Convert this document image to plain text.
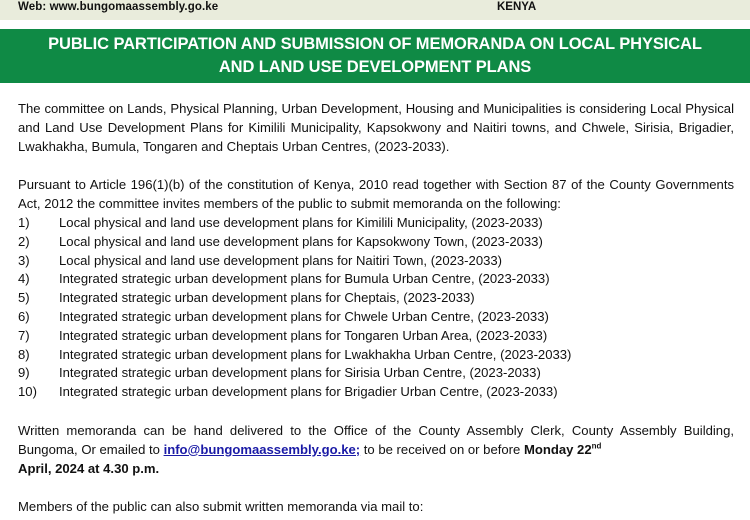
Web: www.bungomaassembly.go.ke	KENYA
PUBLIC PARTICIPATION AND SUBMISSION OF MEMORANDA ON LOCAL PHYSICAL
AND LAND USE DEVELOPMENT PLANS

The committee on Lands, Physical Planning, Urban Development, Housing and Municipalities is considering Local Physical and Land Use Development Plans for Kimilili Municipality, Kapsokwony and Naitiri towns, and Chwele, Sirisia, Brigadier, Lwakhakha, Bumula, Tongaren and Cheptais Urban Centres, (2023-2033).

Pursuant to Article 196(1)(b) of the constitution of Kenya, 2010 read together with Section 87 of the County Governments Act, 2012 the committee invites members of the public to submit memoranda on the following:

1)	Local physical and land use development plans for Kimilili Municipality, (2023-2033)
2)	Local physical and land use development plans for Kapsokwony Town, (2023-2033)
3)	Local physical and land use development plans for Naitiri Town, (2023-2033)
4)	Integrated strategic urban development plans for Bumula Urban Centre, (2023-2033)
5)	Integrated strategic urban development plans for Cheptais, (2023-2033)
6)	Integrated strategic urban development plans for Chwele Urban Centre, (2023-2033)
7)	Integrated strategic urban development plans for Tongaren Urban Area, (2023-2033)
8)	Integrated strategic urban development plans for Lwakhakha Urban Centre, (2023-2033)
9)	Integrated strategic urban development plans for Sirisia Urban Centre, (2023-2033)
10)	Integrated strategic urban development plans for Brigadier Urban Centre, (2023-2033)

Written memoranda can be hand delivered to the Office of the County Assembly Clerk, County Assembly Building, Bungoma, Or emailed to info@bungomaassembly.go.ke; to be received on or before Monday 22nd
April, 2024 at 4.30 p.m.

Members of the public can also submit written memoranda via mail to:
